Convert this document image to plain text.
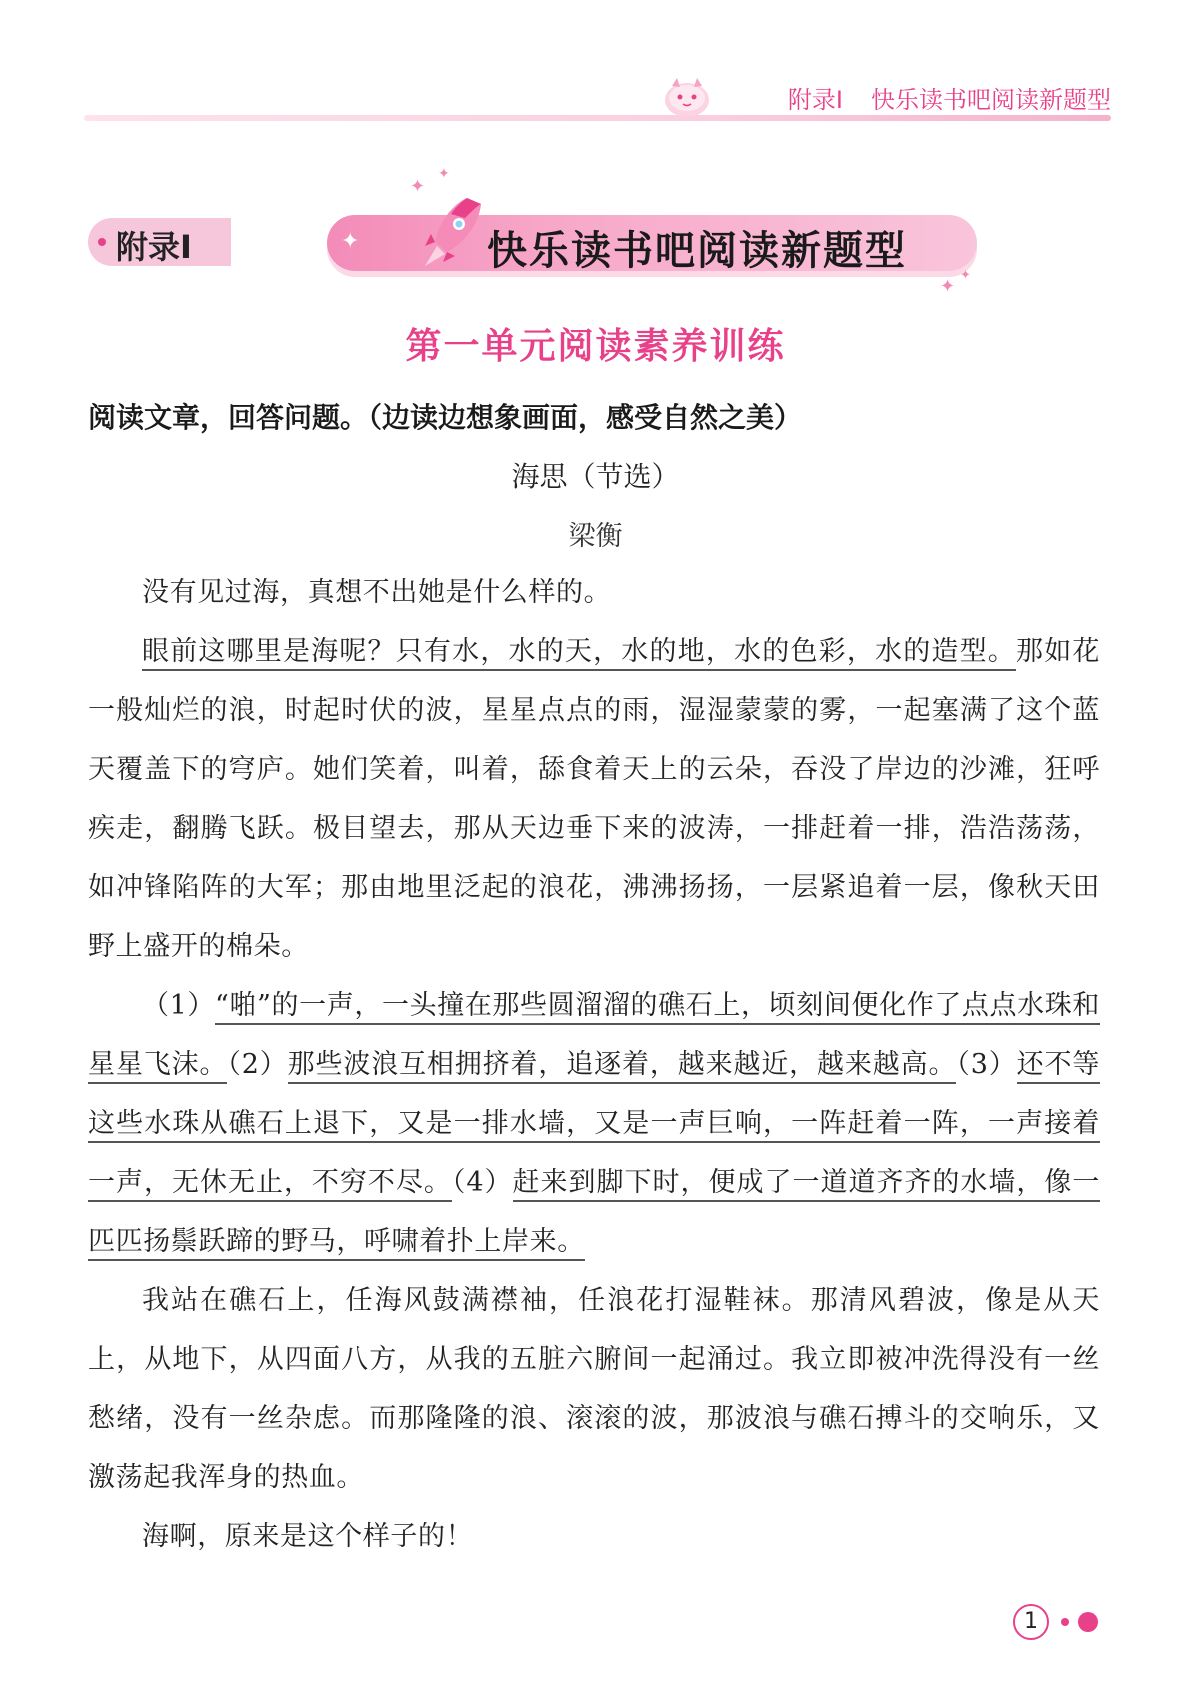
附录Ⅰ 快乐读书吧阅读新题型
附录Ⅰ	✦	快乐读书吧阅读新题型
✦
✦
✦
✦
第一单元阅读素养训练
阅读文章，回答问题。（边读边想象画面，感受自然之美）
海思（节选）
梁衡

没有见过海，真想不出她是什么样的。

眼前这哪里是海呢？只有水，水的天，水的地，水的色彩，水的造型。那如花一般灿烂的浪，时起时伏的波，星星点点的雨，湿湿蒙蒙的雾，一起塞满了这个蓝天覆盖下的穹庐。她们笑着，叫着，舔食着天上的云朵，吞没了岸边的沙滩，狂呼疾走，翻腾飞跃。极目望去，那从天边垂下来的波涛，一排赶着一排，浩浩荡荡，如冲锋陷阵的大军；那由地里泛起的浪花，沸沸扬扬，一层紧追着一层，像秋天田野上盛开的棉朵。

（1）“啪”的一声，一头撞在那些圆溜溜的礁石上，顷刻间便化作了点点水珠和星星飞沫。（2）那些波浪互相拥挤着，追逐着，越来越近，越来越高。（3）还不等这些水珠从礁石上退下，又是一排水墙，又是一声巨响，一阵赶着一阵，一声接着一声，无休无止，不穷不尽。（4）赶来到脚下时，便成了一道道齐齐的水墙，像一匹匹扬鬃跃蹄的野马，呼啸着扑上岸来。

我站在礁石上，任海风鼓满襟袖，任浪花打湿鞋袜。那清风碧波，像是从天上，从地下，从四面八方，从我的五脏六腑间一起涌过。我立即被冲洗得没有一丝愁绪，没有一丝杂虑。而那隆隆的浪、滚滚的波，那波浪与礁石搏斗的交响乐，又激荡起我浑身的热血。

海啊，原来是这个样子的！

1
